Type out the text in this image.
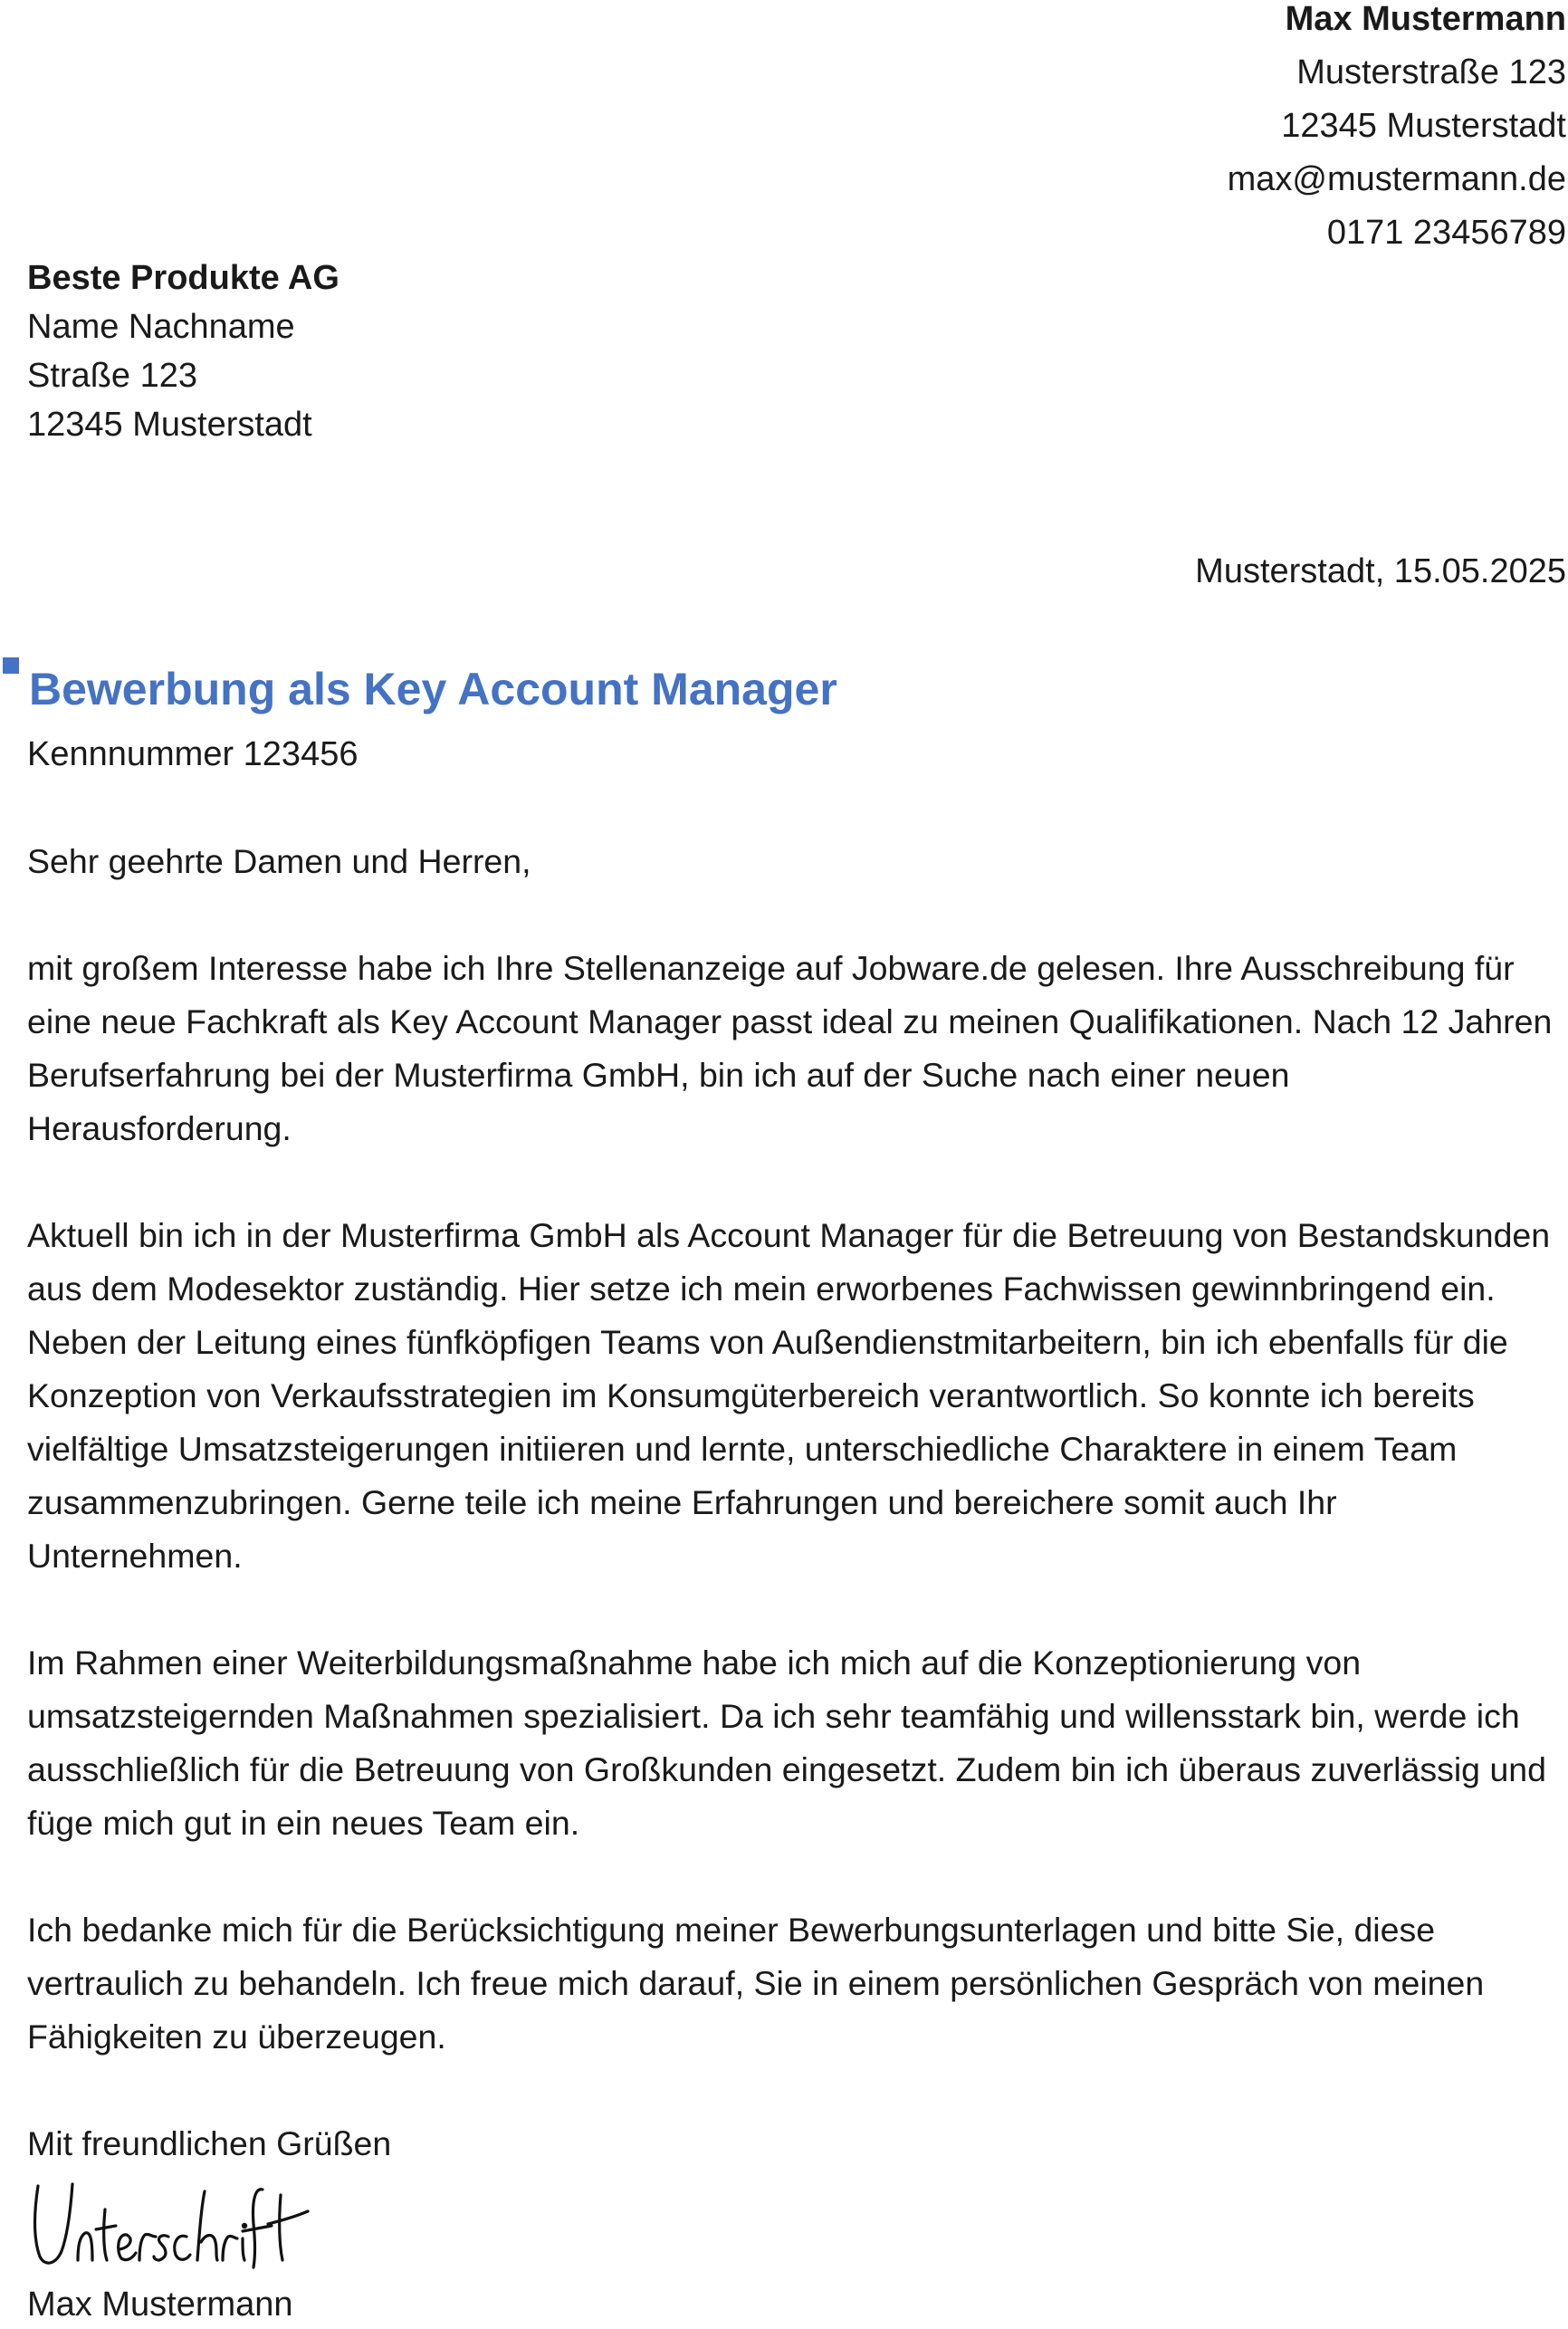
Max Mustermann
Musterstraße 123
12345 Musterstadt
max@mustermann.de
0171 23456789
Beste Produkte AG
Name Nachname
Straße 123
12345 Musterstadt
Musterstadt, 15.05.2025
Bewerbung als Key Account Manager
Kennnummer 123456

Sehr geehrte Damen und Herren,

mit großem Interesse habe ich Ihre Stellenanzeige auf Jobware.de gelesen. Ihre Ausschreibung für eine neue Fachkraft als Key Account Manager passt ideal zu meinen Qualifikationen. Nach 12 Jahren Berufserfahrung bei der Musterfirma GmbH, bin ich auf der Suche nach einer neuen Herausforderung.

Aktuell bin ich in der Musterfirma GmbH als Account Manager für die Betreuung von Bestandskunden aus dem Modesektor zuständig. Hier setze ich mein erworbenes Fachwissen gewinnbringend ein. Neben der Leitung eines fünfköpfigen Teams von Außendienstmitarbeitern, bin ich ebenfalls für die Konzeption von Verkaufsstrategien im Konsumgüterbereich verantwortlich. So konnte ich bereits vielfältige Umsatzsteigerungen initiieren und lernte, unterschiedliche Charaktere in einem Team zusammenzubringen. Gerne teile ich meine Erfahrungen und bereichere somit auch Ihr Unternehmen.

Im Rahmen einer Weiterbildungsmaßnahme habe ich mich auf die Konzeptionierung von umsatzsteigernden Maßnahmen spezialisiert. Da ich sehr teamfähig und willensstark bin, werde ich ausschließlich für die Betreuung von Großkunden eingesetzt. Zudem bin ich überaus zuverlässig und füge mich gut in ein neues Team ein.

Ich bedanke mich für die Berücksichtigung meiner Bewerbungsunterlagen und bitte Sie, diese vertraulich zu behandeln. Ich freue mich darauf, Sie in einem persönlichen Gespräch von meinen Fähigkeiten zu überzeugen.

Mit freundlichen Grüßen

Max Mustermann
